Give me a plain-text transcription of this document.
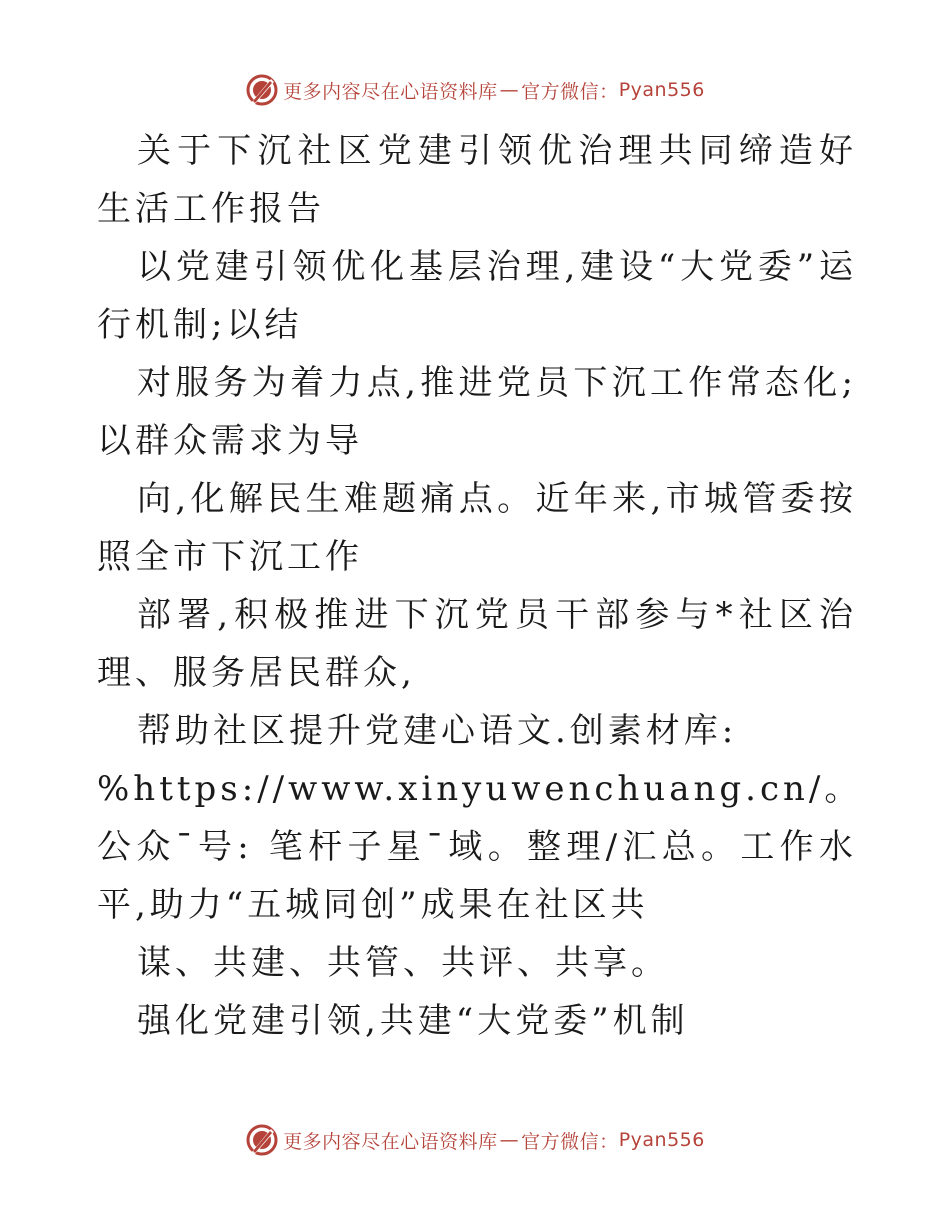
更多内容尽在心语资料库 — 官方微信： Pyan556

关于下沉社区党建引领优治理共同缔造好生活工作报告

以党建引领优化基层治理,建设“大党委”运行机制;以结

对服务为着力点,推进党员下沉工作常态化;以群众需求为导

向,化解民生难题痛点。近年来,市城管委按照全市下沉工作

部署,积极推进下沉党员干部参与*社区治理、服务居民群众,

帮助社区提升党建心语文.创素材库:

%https://www.xinyuwenchuang.cn/。公众¯号: 笔杆子星¯域。整理/汇总。工作水平,助力“五城同创”成果在社区共

谋、共建、共管、共评、共享。

强化党建引领,共建“大党委”机制

更多内容尽在心语资料库 — 官方微信： Pyan556
